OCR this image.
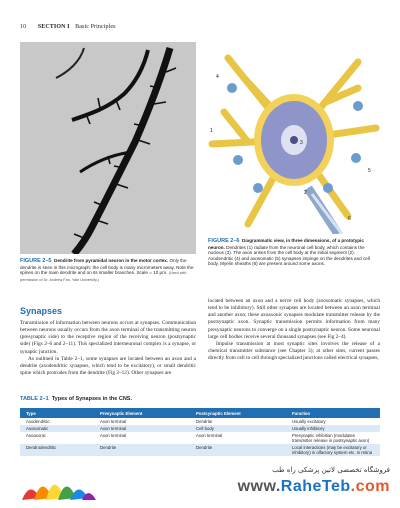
10 SECTION I Basic Principles
FIGURE 2–5 Dendrite from pyramidal neuron in the motor cortex. Only the dendrite is seen in this micrograph; the cell body is many micrometers away. Note the spines on the main dendrite and on its smaller branches. Scale = 10 μm. (Used with permission of Dr. Andrew Fan, Yale University.)
1
2
3
4
5
6
FIGURE 2–6 Diagrammatic view, in three dimensions, of a prototypic neuron. Dendrites (1) radiate from the neuronal cell body, which contains the nucleus (3). The axon arises from the cell body at the initial segment (2). Axodendritic (4) and axosomatic (5) synapses impinge on the dendrites and cell body. Myelin sheaths (6) are present around some axons.
Synapses

Transmission of information between neurons occurs at synapses. Communication between neurons usually occurs from the axon terminal of the transmitting neuron (presynaptic side) to the receptive region of the receiving neuron (postsynaptic side) (Figs 2–6 and 2–11). This specialized interneuronal complex is a synapse, or synaptic junction.

As outlined in Table 2–1, some synapses are located between an axon and a dendrite (axodendritic synapses, which tend to be excitatory), or small dendritic spine which protrudes from the dendrite (Fig 2–12). Other synapses are

located between an axon and a nerve cell body (axosomatic synapses, which tend to be inhibitory). Still other synapses are located between an axon terminal and another axon; these axoaxonic synapses modulate transmitter release by the postsynaptic axon. Synaptic transmission permits information from many presynaptic neurons to converge on a single postsynaptic neuron. Some neuronal large cell bodies receive several thousand synapses (see Fig 2–4).

Impulse transmission at most synaptic sites involves the release of a chemical transmitter substance (see Chapter 3); at other sites, current passes directly from cell to cell through specialized junctions called electrical synapses,

TABLE 2–1 Types of Synapses in the CNS.
Type	Presynaptic Element	Postsynaptic Element	Function
Axodendritic	Axon terminal	Dendrite	Usually excitatory
Axosomatic	Axon terminal	Cell body	Usually inhibitory
Axoaxonic	Axon terminal	Axon terminal	Presynaptic inhibition (modulates transmitter release in postsynaptic axon)
Dendrodendritic	Dendrite	Dendrite	Local interactions (may be excitatory or inhibitory) in olfactory system etc. in retina
فروشگاه تخصصی لاتین پزشکی راه طب
www.RaheTeb.com
